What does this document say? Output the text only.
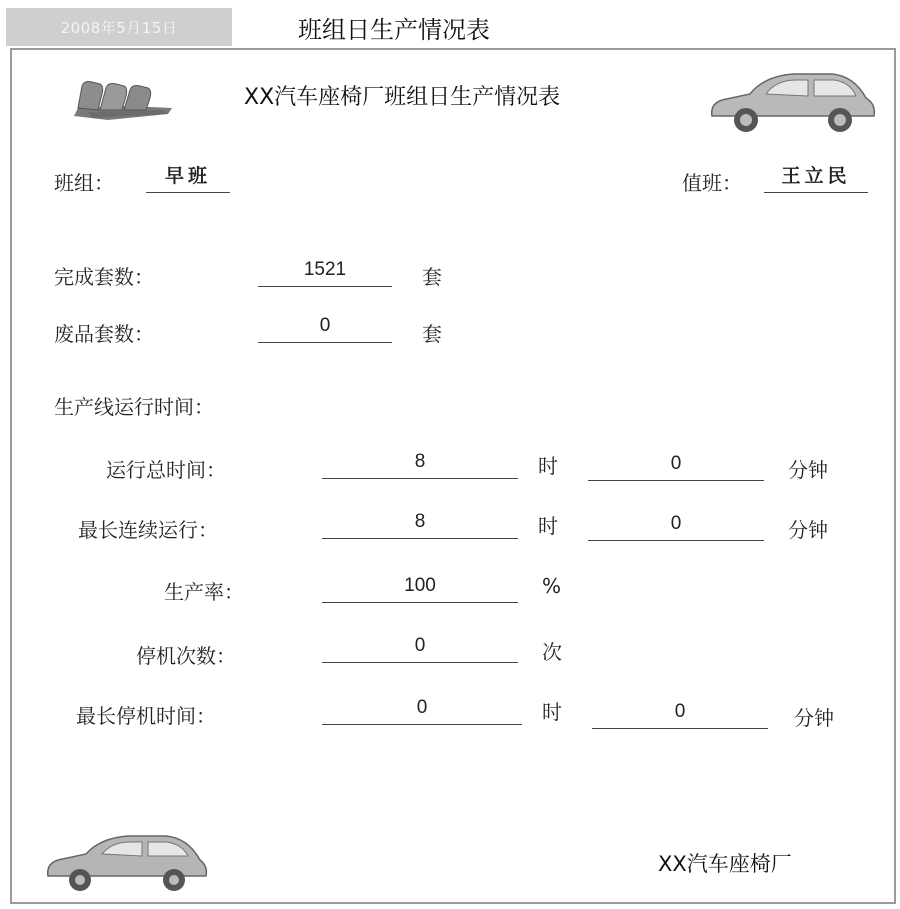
2008年5月15日	班组日生产情况表
XX汽车座椅厂班组日生产情况表
班组：	早班	值班：	王立民
完成套数：	1521	套
废品套数：	0	套
生产线运行时间：
运行总时间：	8	时	0	分钟
最长连续运行：	8	时	0	分钟
生产率：	100	%
停机次数：	0	次
最长停机时间：	0	时	0	分钟
XX汽车座椅厂
